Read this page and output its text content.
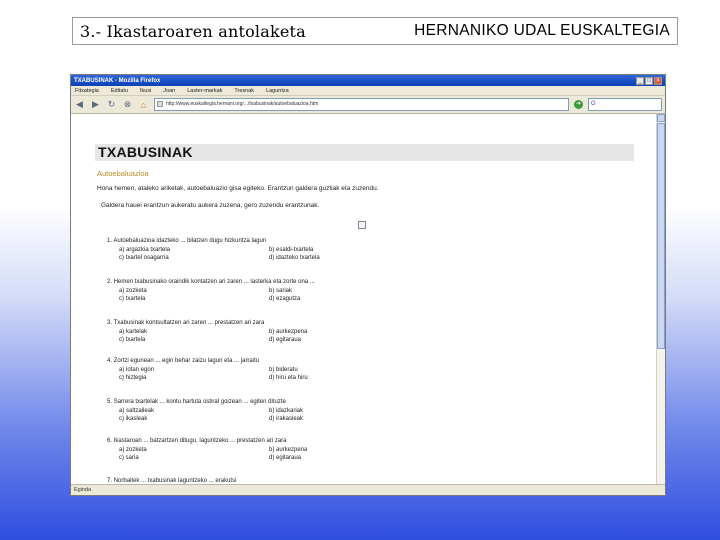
3.- Ikastaroaren antolaketa	HERNANIKO UDAL EUSKALTEGIA
TXABUSINAK - Mozilla Firefox	_ □ ×
Fitxategia Editatu Ikusi Joan Laster-markak Tresnak Laguntza
◀ ▶ ↻ ⊗	⌂	http://www.euskaltegia.hernani.org/.../txabusinak/autoebaluazioa.htm	➔	G
TXABUSINAK
Autoebaluazioa
Hona hemen, ataleko ariketak, autoebaluazio gisa egiteko. Erantzun galdera guztiak eta zuzendu.
Galdera hauei erantzun aukeratu aukera zuzena, gero zuzendu erantzunak.
1. Autoebaluazioa idazteko ... bilatzen dugu hizkuntza lagun
a) argazkia txartela	b) esaldi-txartela
c) txartel osagarria	d) idazteko txartela
2. Hemen txabusinako oraindik kontatzen ari zaren ... lasterka eta zorte ona ...
a) zozketa	b) sariak
c) txartela	d) ezagutza
3. Txabusinak kontsultatzen ari zaren ... prestatzen ari zara
a) kartelak	b) aurkezpena
c) txartela	d) egitaraua
4. Zortzi egunean ... egin behar zaizu lagun eta ... jarraitu
a) lotan egon	b) bideratu
c) hiztegia	d) hiru eta hiru
5. Sarrera txartelak ... kontu hartuta ostiral goizean ... egiten dituzte
a) saltzaileak	b) idazkariak
c) ikasleak	d) irakasleak
6. Ikastaroan ... batzartzen ditugu, laguntzeko ... prestatzen ari zara
a) zozketa	b) aurkezpena
c) saria	d) egitaraua
7. Norbaitek ... txabusinak laguntzeko ... erakutsi
Eginda
